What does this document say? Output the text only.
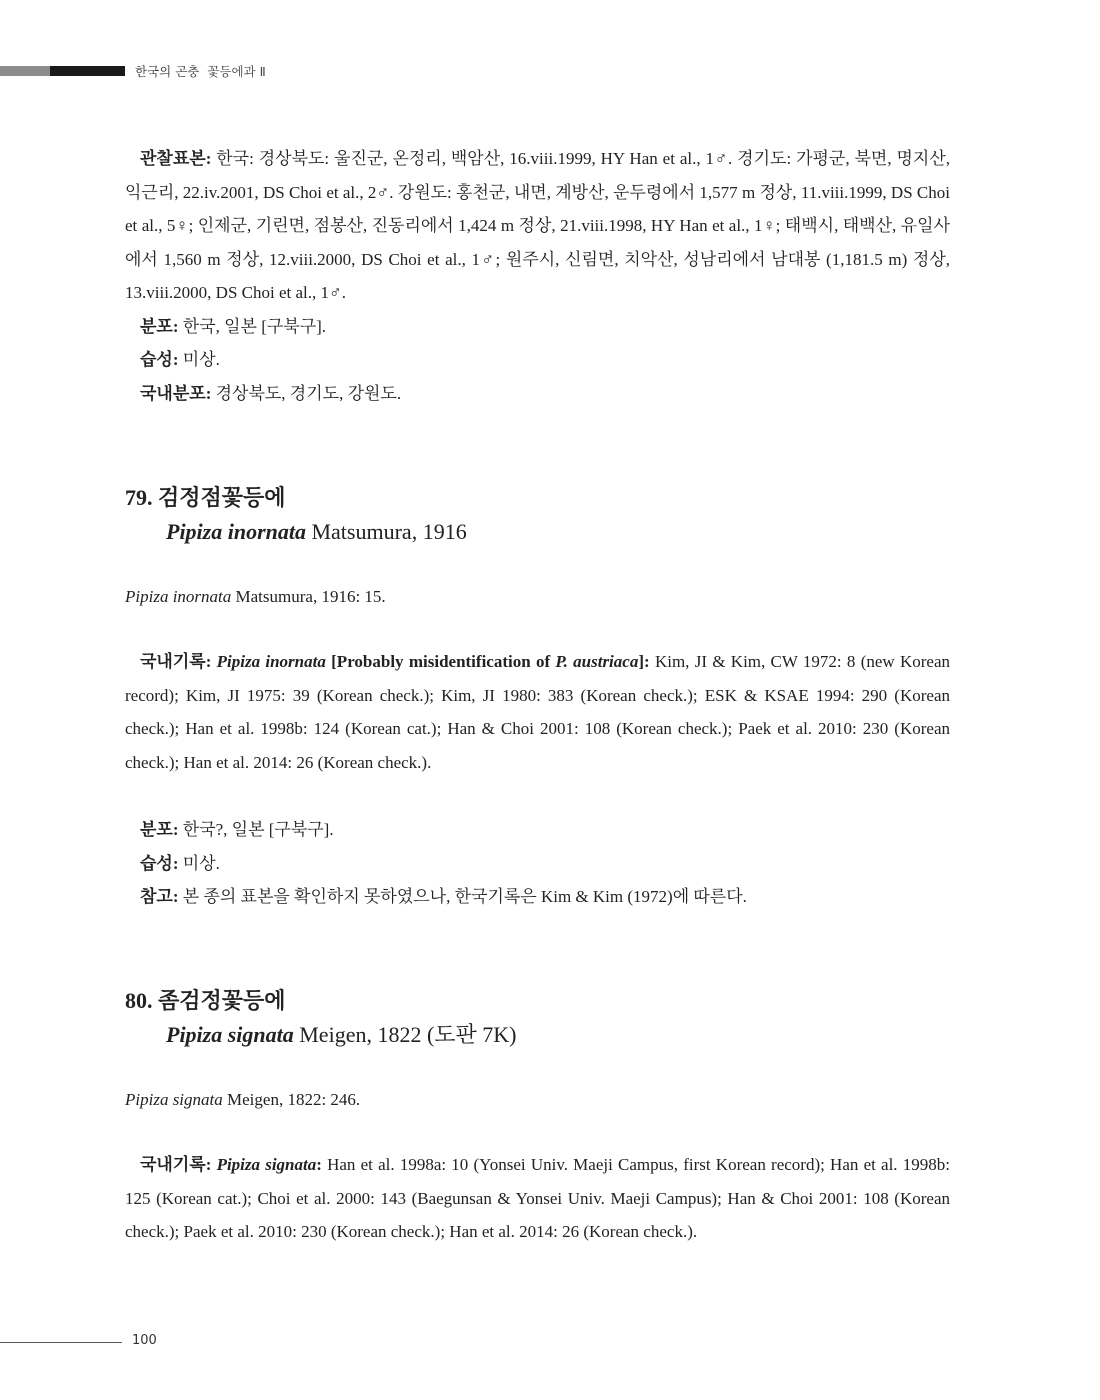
한국의 곤충 꽃등에과 Ⅱ

관찰표본: 한국: 경상북도: 울진군, 온정리, 백암산, 16.viii.1999, HY Han et al., 1♂. 경기도: 가평군, 북면, 명지산, 익근리, 22.iv.2001, DS Choi et al., 2♂. 강원도: 홍천군, 내면, 계방산, 운두령에서 1,577 m 정상, 11.viii.1999, DS Choi et al., 5♀; 인제군, 기린면, 점봉산, 진동리에서 1,424 m 정상, 21.viii.1998, HY Han et al., 1♀; 태백시, 태백산, 유일사에서 1,560 m 정상, 12.viii.2000, DS Choi et al., 1♂; 원주시, 신림면, 치악산, 성남리에서 남대봉 (1,181.5 m) 정상, 13.viii.2000, DS Choi et al., 1♂.

분포: 한국, 일본 [구북구].
습성: 미상.
국내분포: 경상북도, 경기도, 강원도.
79. 검정점꽃등에
Pipiza inornata Matsumura, 1916
Pipiza inornata Matsumura, 1916: 15.

국내기록: Pipiza inornata [Probably misidentification of P. austriaca]: Kim, JI & Kim, CW 1972: 8 (new Korean record); Kim, JI 1975: 39 (Korean check.); Kim, JI 1980: 383 (Korean check.); ESK & KSAE 1994: 290 (Korean check.); Han et al. 1998b: 124 (Korean cat.); Han & Choi 2001: 108 (Korean check.); Paek et al. 2010: 230 (Korean check.); Han et al. 2014: 26 (Korean check.).

분포: 한국?, 일본 [구북구].
습성: 미상.
참고: 본 종의 표본을 확인하지 못하였으나, 한국기록은 Kim & Kim (1972)에 따른다.
80. 좀검정꽃등에
Pipiza signata Meigen, 1822 (도판 7K)
Pipiza signata Meigen, 1822: 246.

국내기록: Pipiza signata: Han et al. 1998a: 10 (Yonsei Univ. Maeji Campus, first Korean record); Han et al. 1998b: 125 (Korean cat.); Choi et al. 2000: 143 (Baegunsan & Yonsei Univ. Maeji Campus); Han & Choi 2001: 108 (Korean check.); Paek et al. 2010: 230 (Korean check.); Han et al. 2014: 26 (Korean check.).

100
